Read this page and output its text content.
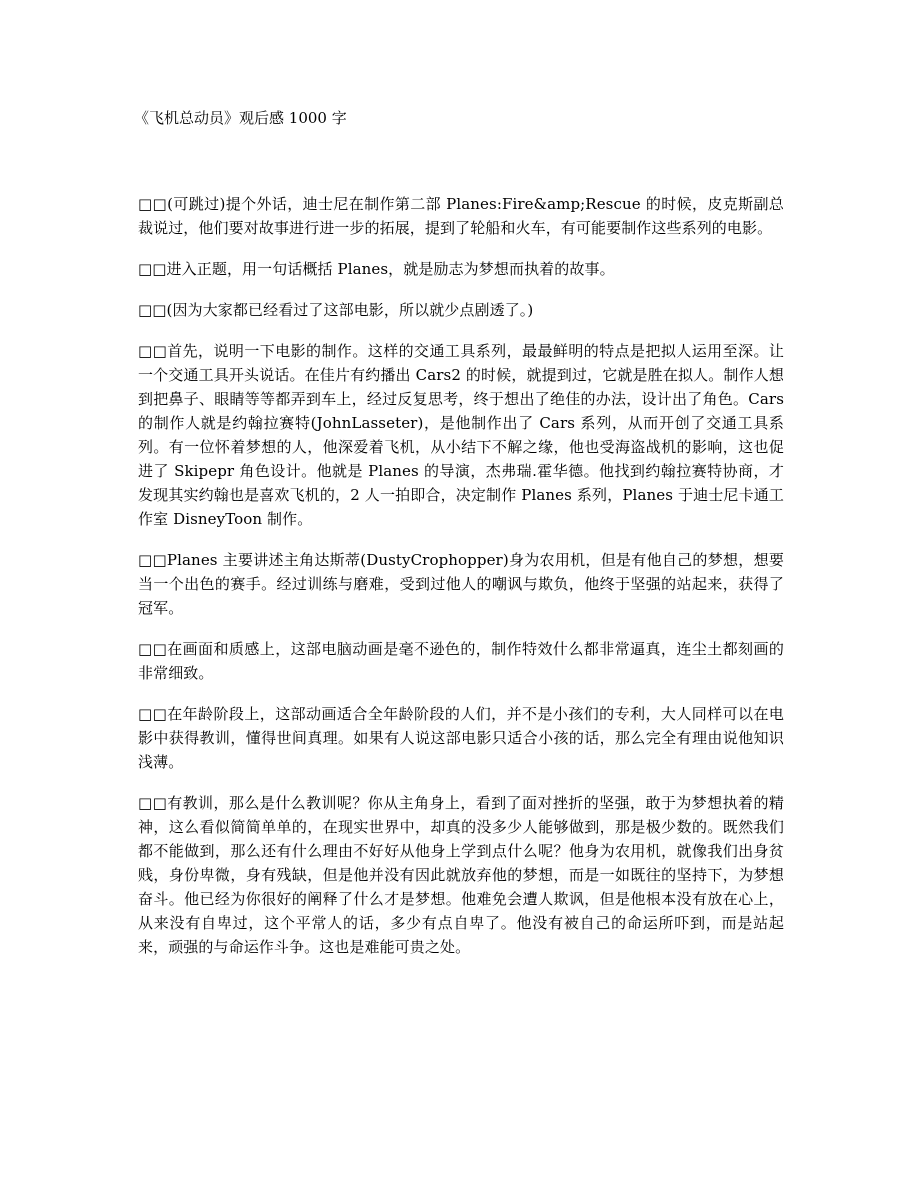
《飞机总动员》观后感 1000 字

□□(可跳过)提个外话，迪士尼在制作第二部 Planes:Fire&amp;Rescue 的时候，皮克斯副总裁说过，他们要对故事进行进一步的拓展，提到了轮船和火车，有可能要制作这些系列的电影。

□□进入正题，用一句话概括 Planes，就是励志为梦想而执着的故事。

□□(因为大家都已经看过了这部电影，所以就少点剧透了。)

□□首先，说明一下电影的制作。这样的交通工具系列，最最鲜明的特点是把拟人运用至深。让一个交通工具开头说话。在佳片有约播出 Cars2 的时候，就提到过，它就是胜在拟人。制作人想到把鼻子、眼睛等等都弄到车上，经过反复思考，终于想出了绝佳的办法，设计出了角色。Cars 的制作人就是约翰拉赛特(JohnLasseter)，是他制作出了 Cars 系列，从而开创了交通工具系列。有一位怀着梦想的人，他深爱着飞机，从小结下不解之缘，他也受海盗战机的影响，这也促进了 Skipepr 角色设计。他就是 Planes 的导演，杰弗瑞.霍华德。他找到约翰拉赛特协商，才发现其实约翰也是喜欢飞机的，2 人一拍即合，决定制作 Planes 系列，Planes 于迪士尼卡通工作室 DisneyToon 制作。

□□Planes 主要讲述主角达斯蒂(DustyCrophopper)身为农用机，但是有他自己的梦想，想要当一个出色的赛手。经过训练与磨难，受到过他人的嘲讽与欺负，他终于坚强的站起来，获得了冠军。

□□在画面和质感上，这部电脑动画是毫不逊色的，制作特效什么都非常逼真，连尘土都刻画的非常细致。

□□在年龄阶段上，这部动画适合全年龄阶段的人们，并不是小孩们的专利，大人同样可以在电影中获得教训，懂得世间真理。如果有人说这部电影只适合小孩的话，那么完全有理由说他知识浅薄。

□□有教训，那么是什么教训呢？你从主角身上，看到了面对挫折的坚强，敢于为梦想执着的精神，这么看似简简单单的，在现实世界中，却真的没多少人能够做到，那是极少数的。既然我们都不能做到，那么还有什么理由不好好从他身上学到点什么呢？他身为农用机，就像我们出身贫贱，身份卑微，身有残缺，但是他并没有因此就放弃他的梦想，而是一如既往的坚持下，为梦想奋斗。他已经为你很好的阐释了什么才是梦想。他难免会遭人欺讽，但是他根本没有放在心上，从来没有自卑过，这个平常人的话，多少有点自卑了。他没有被自己的命运所吓到，而是站起来，顽强的与命运作斗争。这也是难能可贵之处。
